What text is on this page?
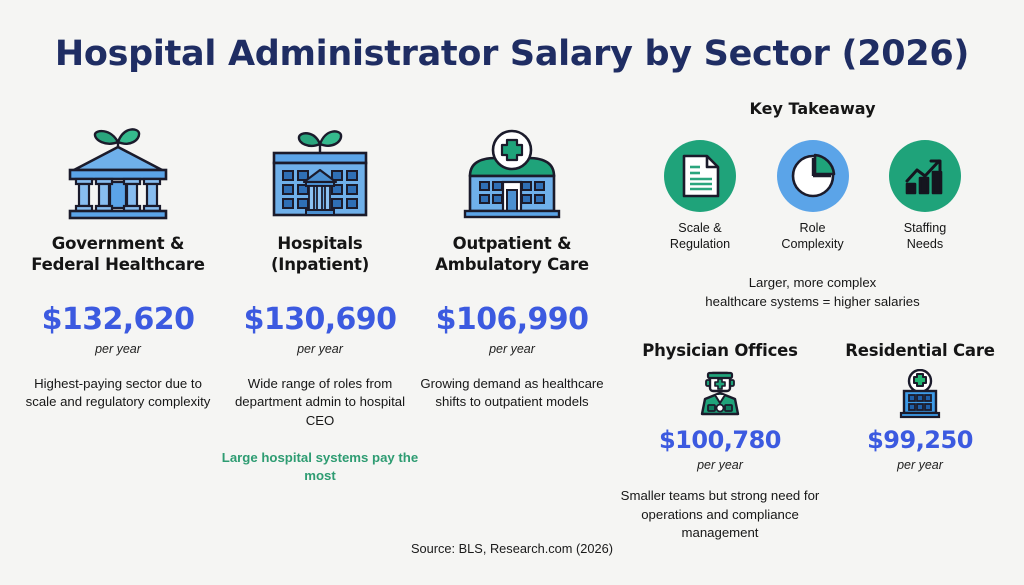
Hospital Administrator Salary by Sector (2026)
Government &
Federal Healthcare
$132,620
per year
Highest-paying sector due to scale and regulatory complexity
Hospitals
(Inpatient)
$130,690
per year
Wide range of roles from department admin to hospital CEO
Large hospital systems pay the most
Outpatient &
Ambulatory Care
$106,990
per year
Growing demand as healthcare shifts to outpatient models
Key Takeaway
Scale &
Regulation
Role
Complexity
Staffing
Needs
Larger, more complex
healthcare systems = higher salaries
Physician Offices
$100,780
per year
Smaller teams but strong need for operations and compliance management
Residential Care
$99,250
per year
Source: BLS, Research.com (2026)
